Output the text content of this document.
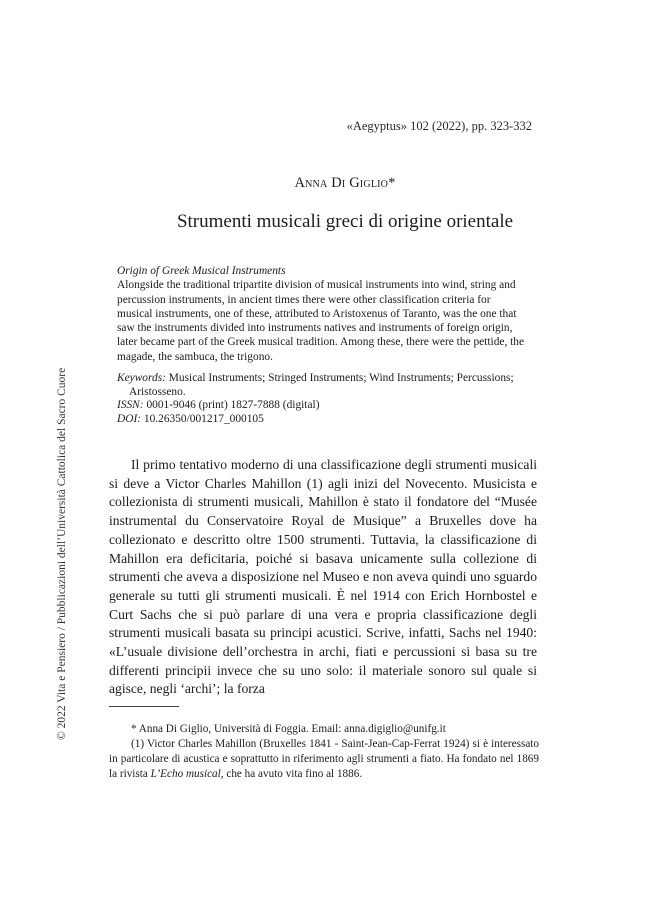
© 2022 Vita e Pensiero / Pubblicazioni dell’Università Cattolica del Sacro Cuore
«Aegyptus» 102 (2022), pp. 323-332
Anna Di Giglio*
Strumenti musicali greci di origine orientale

Origin of Greek Musical Instruments

Alongside the traditional tripartite division of musical instruments into wind, string and percussion instruments, in ancient times there were other classification criteria for musical instruments, one of these, attributed to Aristoxenus of Taranto, was the one that saw the instruments divided into instruments natives and instruments of foreign origin, later became part of the Greek musical tradition. Among these, there were the pettide, the magade, the sambuca, the trigono.

Keywords: Musical Instruments; Stringed Instruments; Wind Instruments; Percussions;

Aristosseno.

ISSN: 0001-9046 (print) 1827-7888 (digital)

DOI: 10.26350/001217_000105

Il primo tentativo moderno di una classificazione degli strumenti musicali si deve a Victor Charles Mahillon (1) agli inizi del Novecento. Musicista e collezionista di strumenti musicali, Mahillon è stato il fondatore del “Musée instrumental du Conservatoire Royal de Musique” a Bruxelles dove ha collezionato e descritto oltre 1500 strumenti. Tuttavia, la classificazione di Mahillon era deficitaria, poiché si basava unicamente sulla collezione di strumenti che aveva a disposizione nel Museo e non aveva quindi uno sguardo generale su tutti gli strumenti musicali. È nel 1914 con Erich Hornbostel e Curt Sachs che si può parlare di una vera e propria classificazione degli strumenti musicali basata su principi acustici. Scrive, infatti, Sachs nel 1940: «L’usuale divisione dell’orchestra in archi, fiati e percussioni si basa su tre differenti principii invece che su uno solo: il materiale sonoro sul quale si agisce, negli ‘archi’; la forza

* Anna Di Giglio, Università di Foggia. Email: anna.digiglio@unifg.it

(1) Victor Charles Mahillon (Bruxelles 1841 - Saint-Jean-Cap-Ferrat 1924) si è interessato in particolare di acustica e soprattutto in riferimento agli strumenti a fiato. Ha fondato nel 1869 la rivista L’Echo musical, che ha avuto vita fino al 1886.
